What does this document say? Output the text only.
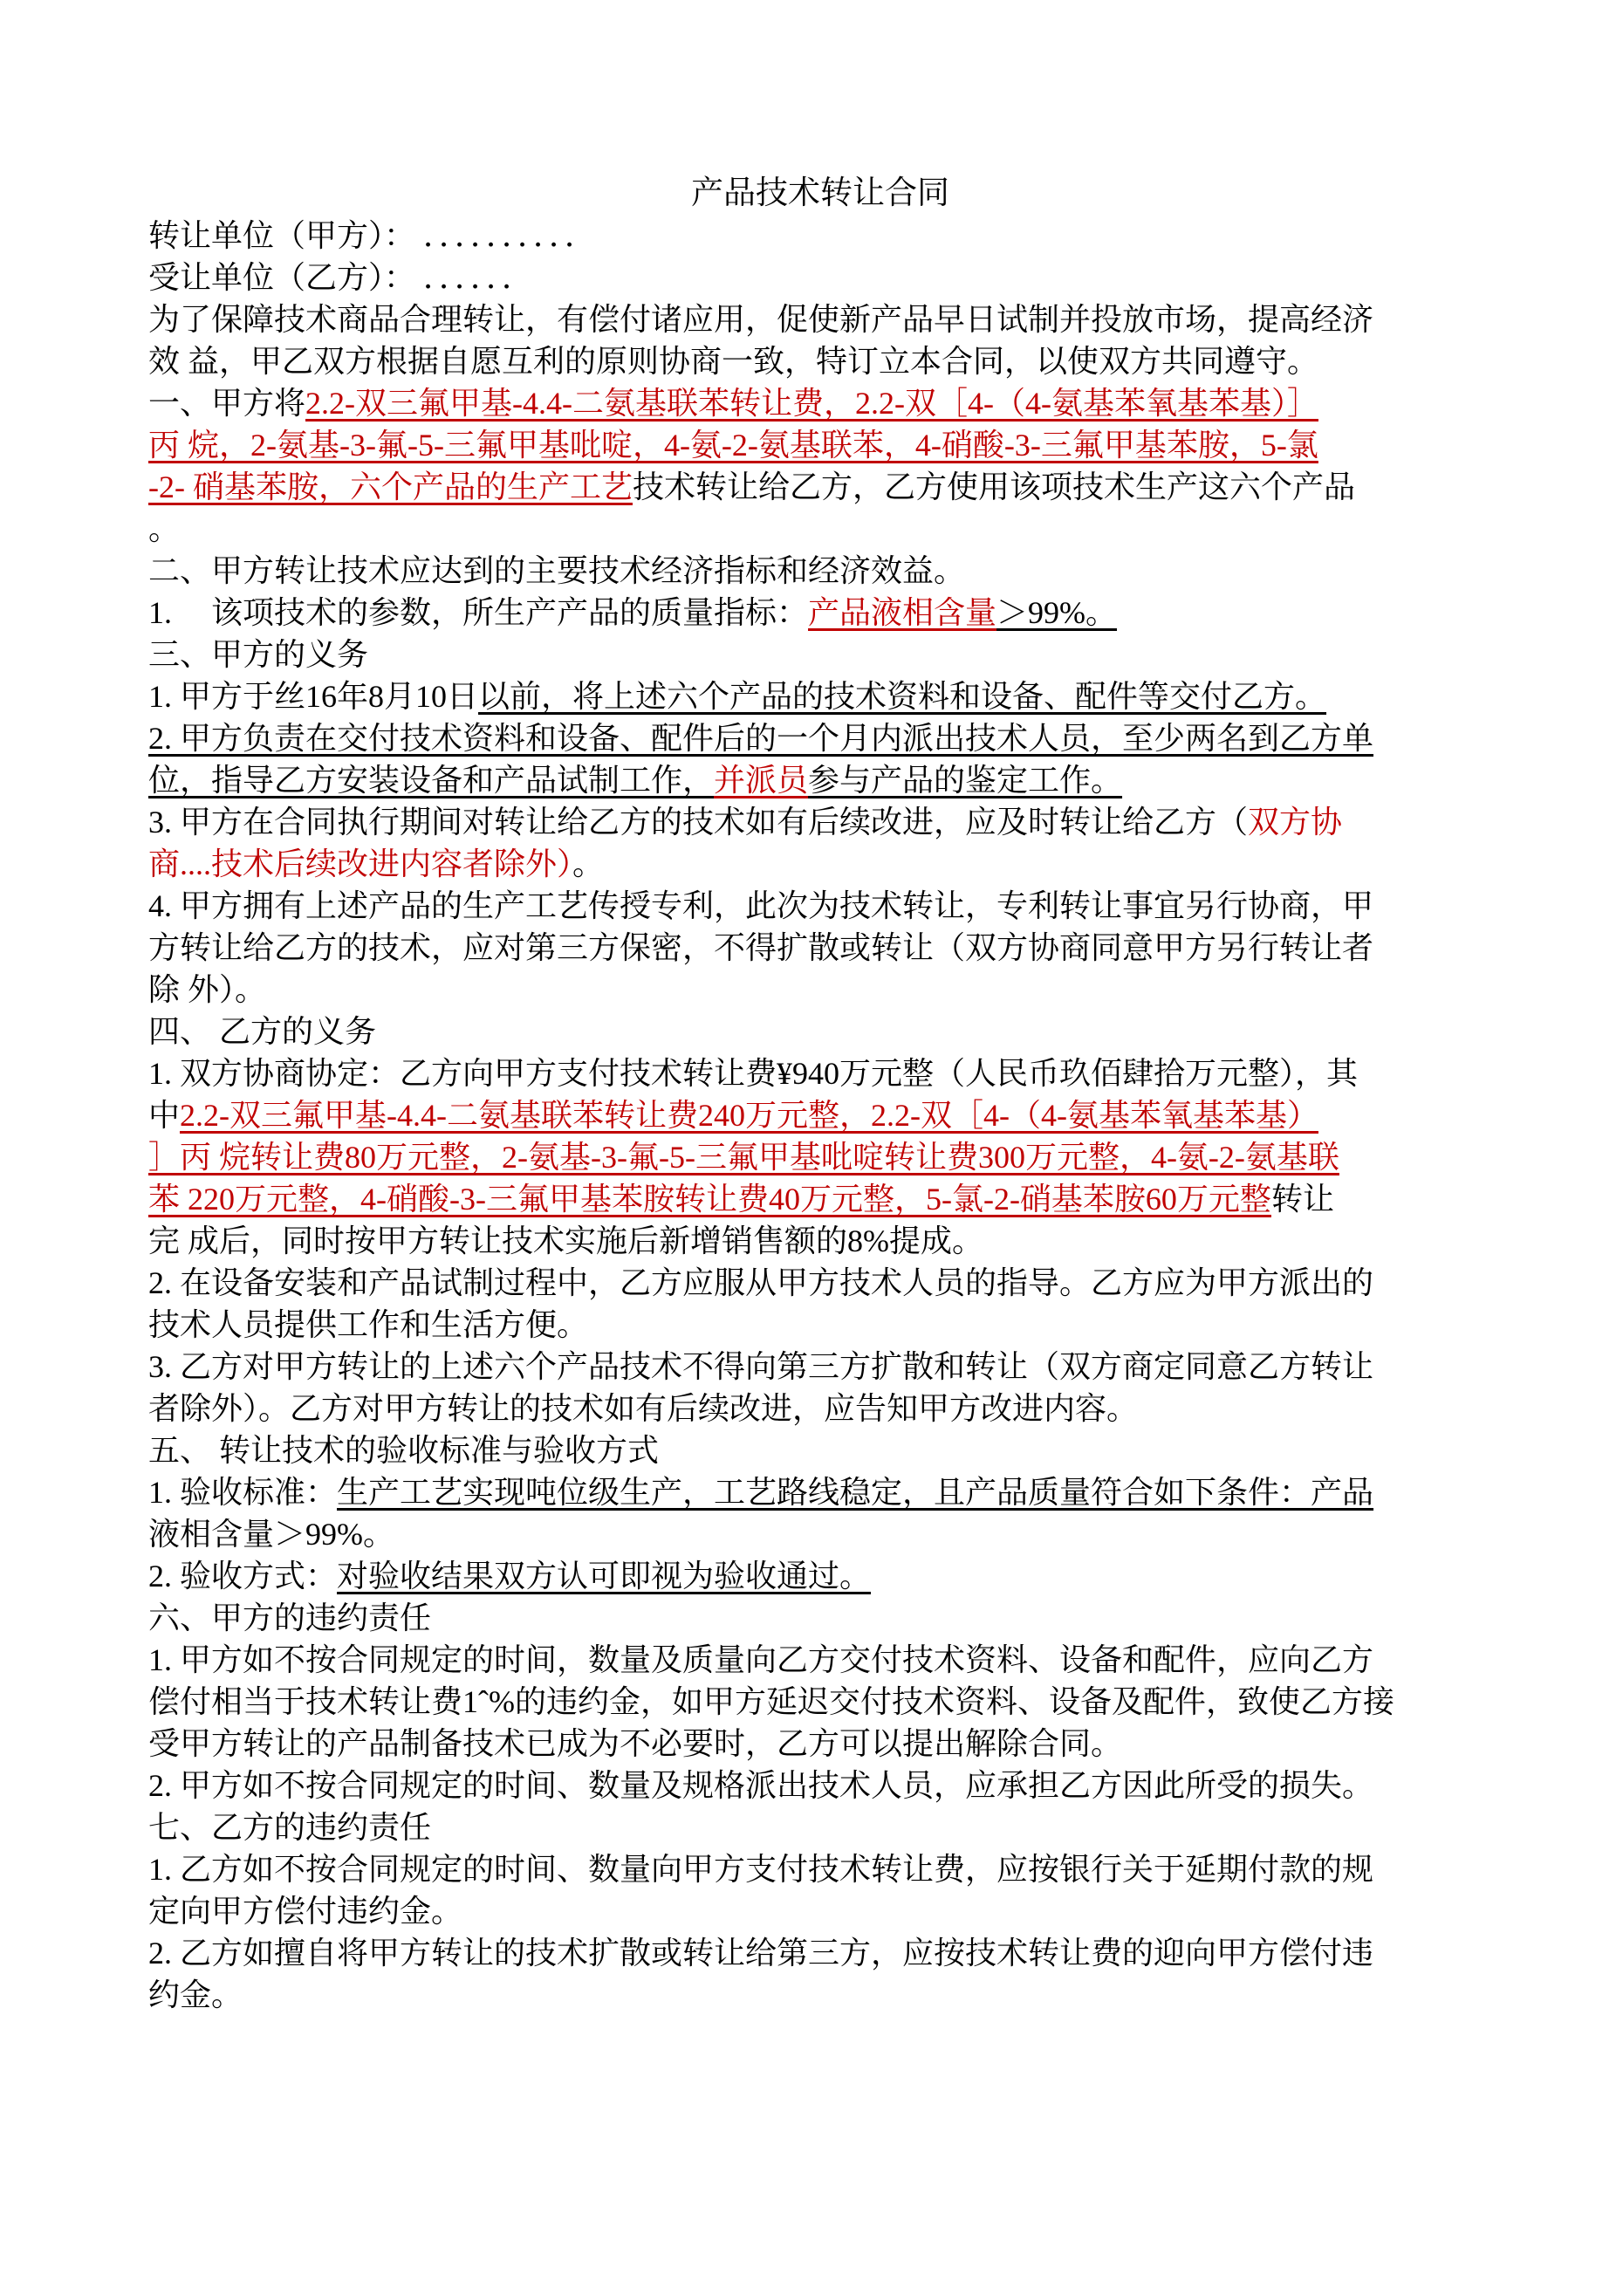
产品技术转让合同
转让单位（甲方）： ．．．．．．．．．．
受让单位（乙方）： ．．．．．．
为了保障技术商品合理转让，有偿付诸应用，促使新产品早日试制并投放市场，提高经济
效 益，甲乙双方根据自愿互利的原则协商一致，特订立本合同，以使双方共同遵守。
一、甲方将2.2-双三氟甲基-4.4-二氨基联苯转让费，2.2-双［4-（4-氨基苯氧基苯基）］
丙 烷，2-氨基-3-氟-5-三氟甲基吡啶，4-氨-2-氨基联苯，4-硝酸-3-三氟甲基苯胺，5-氯
-2- 硝基苯胺，六个产品的生产工艺技术转让给乙方，乙方使用该项技术生产这六个产品
。
二、甲方转让技术应达到的主要技术经济指标和经济效益。
1.　 该项技术的参数，所生产产品的质量指标：产品液相含量＞99%。
三、甲方的义务
1. 甲方于丝16年8月10日以前，将上述六个产品的技术资料和设备、配件等交付乙方。
2. 甲方负责在交付技术资料和设备、配件后的一个月内派出技术人员，至少两名到乙方单
位，指导乙方安装设备和产品试制工作，并派员参与产品的鉴定工作。
3. 甲方在合同执行期间对转让给乙方的技术如有后续改进，应及时转让给乙方（双方协
商....技术后续改进内容者除外）。
4. 甲方拥有上述产品的生产工艺传授专利，此次为技术转让，专利转让事宜另行协商，甲
方转让给乙方的技术，应对第三方保密，不得扩散或转让（双方协商同意甲方另行转让者
除 外）。
四、 乙方的义务
1. 双方协商协定：乙方向甲方支付技术转让费¥940万元整（人民币玖佰肆拾万元整），其
中2.2-双三氟甲基-4.4-二氨基联苯转让费240万元整，2.2-双［4-（4-氨基苯氧基苯基）
］丙 烷转让费80万元整，2-氨基-3-氟-5-三氟甲基吡啶转让费300万元整，4-氨-2-氨基联
苯 220万元整，4-硝酸-3-三氟甲基苯胺转让费40万元整，5-氯-2-硝基苯胺60万元整转让
完 成后，同时按甲方转让技术实施后新增销售额的8%提成。
2. 在设备安装和产品试制过程中，乙方应服从甲方技术人员的指导。乙方应为甲方派出的
技术人员提供工作和生活方便。
3. 乙方对甲方转让的上述六个产品技术不得向第三方扩散和转让（双方商定同意乙方转让
者除外）。乙方对甲方转让的技术如有后续改进，应告知甲方改进内容。
五、 转让技术的验收标准与验收方式
1. 验收标准：生产工艺实现吨位级生产，工艺路线稳定，且产品质量符合如下条件：产品
液相含量＞99%。
2. 验收方式：对验收结果双方认可即视为验收通过。
六、甲方的违约责任
1. 甲方如不按合同规定的时间，数量及质量向乙方交付技术资料、设备和配件，应向乙方
偿付相当于技术转让费1ˆ%的违约金，如甲方延迟交付技术资料、设备及配件，致使乙方接
受甲方转让的产品制备技术已成为不必要时，乙方可以提出解除合同。
2. 甲方如不按合同规定的时间、数量及规格派出技术人员，应承担乙方因此所受的损失。
七、乙方的违约责任
1. 乙方如不按合同规定的时间、数量向甲方支付技术转让费，应按银行关于延期付款的规
定向甲方偿付违约金。
2. 乙方如擅自将甲方转让的技术扩散或转让给第三方，应按技术转让费的迎向甲方偿付违
约金。
